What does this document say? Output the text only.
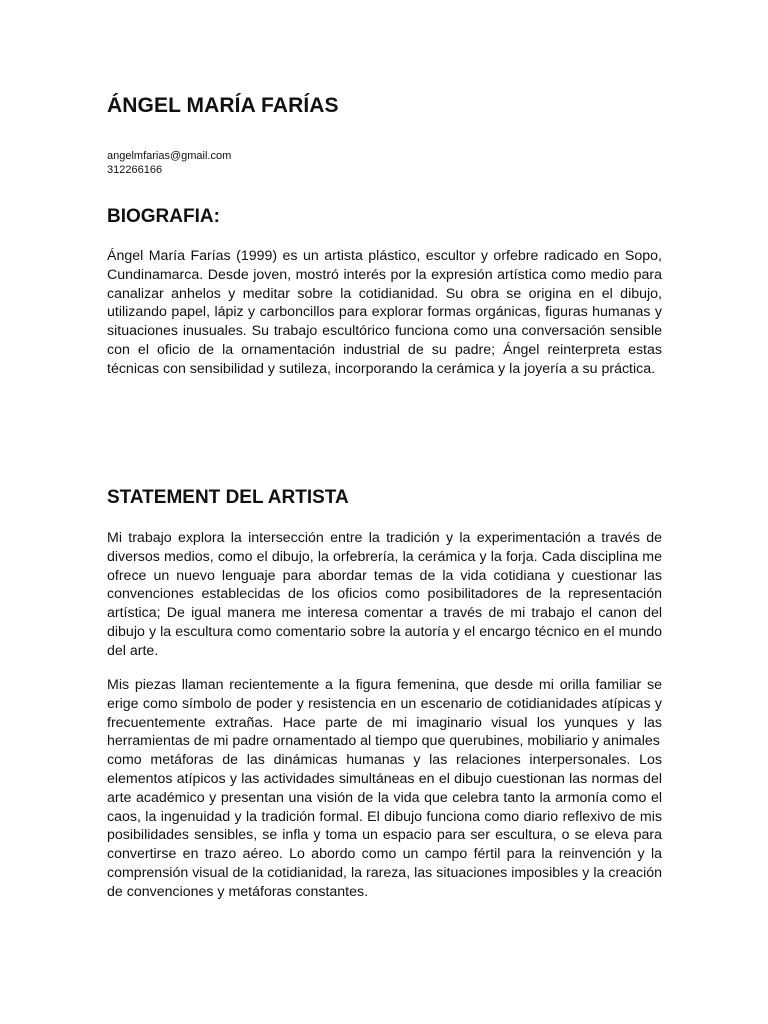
ÁNGEL MARÍA FARÍAS
angelmfarias@gmail.com
312266166
BIOGRAFIA:

Ángel María Farías (1999) es un artista plástico, escultor y orfebre radicado en Sopo, Cundinamarca. Desde joven, mostró interés por la expresión artística como medio para canalizar anhelos y meditar sobre la cotidianidad. Su obra se origina en el dibujo, utilizando papel, lápiz y carboncillos para explorar formas orgánicas, figuras humanas y situaciones inusuales. Su trabajo escultórico funciona como una conversación sensible con el oficio de la ornamentación industrial de su padre; Ángel reinterpreta estas técnicas con sensibilidad y sutileza, incorporando la cerámica y la joyería a su práctica.

STATEMENT DEL ARTISTA

Mi trabajo explora la intersección entre la tradición y la experimentación a través de diversos medios, como el dibujo, la orfebrería, la cerámica y la forja. Cada disciplina me ofrece un nuevo lenguaje para abordar temas de la vida cotidiana y cuestionar las convenciones establecidas de los oficios como posibilitadores de la representación artística; De igual manera me interesa comentar a través de mi trabajo el canon del dibujo y la escultura como comentario sobre la autoría y el encargo técnico en el mundo del arte.

Mis piezas llaman recientemente a la figura femenina, que desde mi orilla familiar se erige como símbolo de poder y resistencia en un escenario de cotidianidades atípicas y frecuentemente extrañas. Hace parte de mi imaginario visual los yunques y las herramientas de mi padre ornamentado al tiempo que querubines, mobiliario y animales
como metáforas de las dinámicas humanas y las relaciones interpersonales. Los elementos atípicos y las actividades simultáneas en el dibujo cuestionan las normas del arte académico y presentan una visión de la vida que celebra tanto la armonía como el caos, la ingenuidad y la tradición formal. El dibujo funciona como diario reflexivo de mis posibilidades sensibles, se infla y toma un espacio para ser escultura, o se eleva para convertirse en trazo aéreo. Lo abordo como un campo fértil para la reinvención y la comprensión visual de la cotidianidad, la rareza, las situaciones imposibles y la creación de convenciones y metáforas constantes.
